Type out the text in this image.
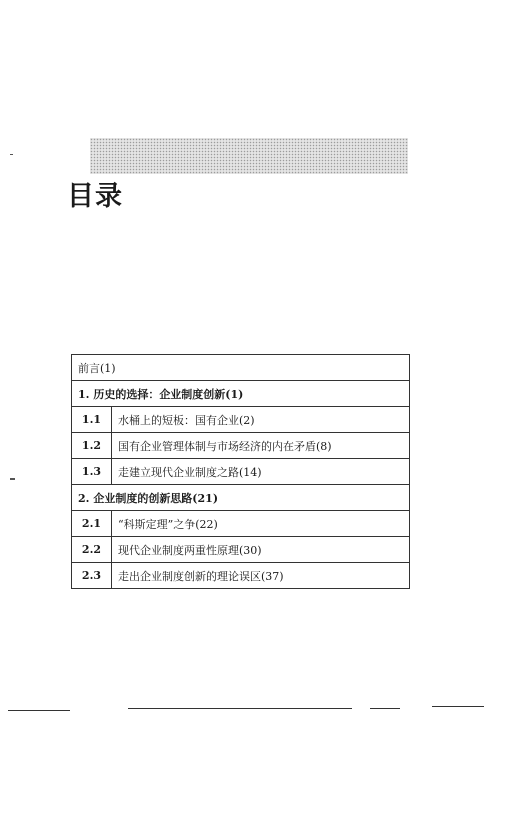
目录
前言(1)	
1. 历史的选择：企业制度创新(1)	
1.1	水桶上的短板：国有企业(2)
1.2	国有企业管理体制与市场经济的内在矛盾(8)
1.3	走建立现代企业制度之路(14)
2. 企业制度的创新思路(21)	
2.1	“科斯定理”之争(22)
2.2	现代企业制度两重性原理(30)
2.3	走出企业制度创新的理论误区(37)
